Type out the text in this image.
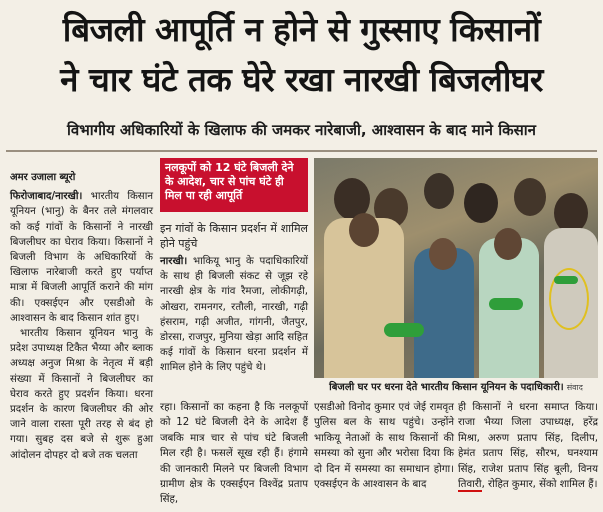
बिजली आपूर्ति न होने से गुस्साए किसानों
ने चार घंटे तक घेरे रखा नारखी बिजलीघर
विभागीय अधिकारियों के खिलाफ की जमकर नारेबाजी, आश्वासन के बाद माने किसान

अमर उजाला ब्यूरो

फिरोजाबाद/नारखी। भारतीय किसान यूनियन (भानु) के बैनर तले मंगलवार को कई गांवों के किसानों ने नारखी बिजलीघर का घेराव किया। किसानों ने बिजली विभाग के अधिकारियों के खिलाफ नारेबाजी करते हुए पर्याप्त मात्रा में बिजली आपूर्ति कराने की मांग की। एक्सईएन और एसडीओ के आश्वासन के बाद किसान शांत हुए।

भारतीय किसान यूनियन भानु के प्रदेश उपाध्यक्ष टिकैत भैय्या और ब्लाक अध्यक्ष अनुज मिश्रा के नेतृत्व में बड़ी संख्या में किसानों ने बिजलीघर का घेराव करते हुए प्रदर्शन किया। धरना प्रदर्शन के कारण बिजलीघर की ओर जाने वाला रास्ता पूरी तरह से बंद हो गया। सुबह दस बजे से शुरू हुआ आंदोलन दोपहर दो बजे तक चलता

नलकूपों को 12 घंटे बिजली देने के आदेश, चार से पांच घंटे ही मिल पा रही आपूर्ति

इन गांवों के किसान प्रदर्शन में शामिल होने पहुंचे

नारखी। भाकियू भानु के पदाधिकारियों के साथ ही बिजली संकट से जूझ रहे नारखी क्षेत्र के गांव रैमजा, लोकीगढ़ी, ओखरा, रामनगर, रतौली, नारखी, गढ़ी हंसराम, गढ़ी अजीत, गांगनी, जैतपुर, डोरसा, राजपुर, मुनिया खेड़ा आदि सहित कई गांवों के किसान धरना प्रदर्शन में शामिल होने के लिए पहुंचे थे।

बिजली घर पर धरना देते भारतीय किसान यूनियन के पदाधिकारी। संवाद
रहा। किसानों का कहना है कि नलकूपों को 12 घंटे बिजली देने के आदेश हैं जबकि मात्र चार से पांच घंटे बिजली मिल रही है। फसलें सूख रही हैं। हंगामे की जानकारी मिलने पर बिजली विभाग ग्रामीण क्षेत्र के एक्सईएन विश्वेंद्र प्रताप सिंह,
एसडीओ विनोद कुमार एवं जेई रामवृत पुलिस बल के साथ पहुंचे। उन्होंने भाकियू नेताओं के साथ किसानों की समस्या को सुना और भरोसा दिया कि दो दिन में समस्या का समाधान होगा। एक्सईएन के आश्वासन के बाद
ही किसानों ने धरना समाप्त किया। राजा भैय्या जिला उपाध्यक्ष, हरेंद्र मिश्रा, अरुण प्रताप सिंह, दिलीप, हेमंत प्रताप सिंह, सौरभ, घनश्याम सिंह, राजेश प्रताप सिंह बूली, विनय तिवारी, रोहित कुमार, सेंको शामिल हैं।
